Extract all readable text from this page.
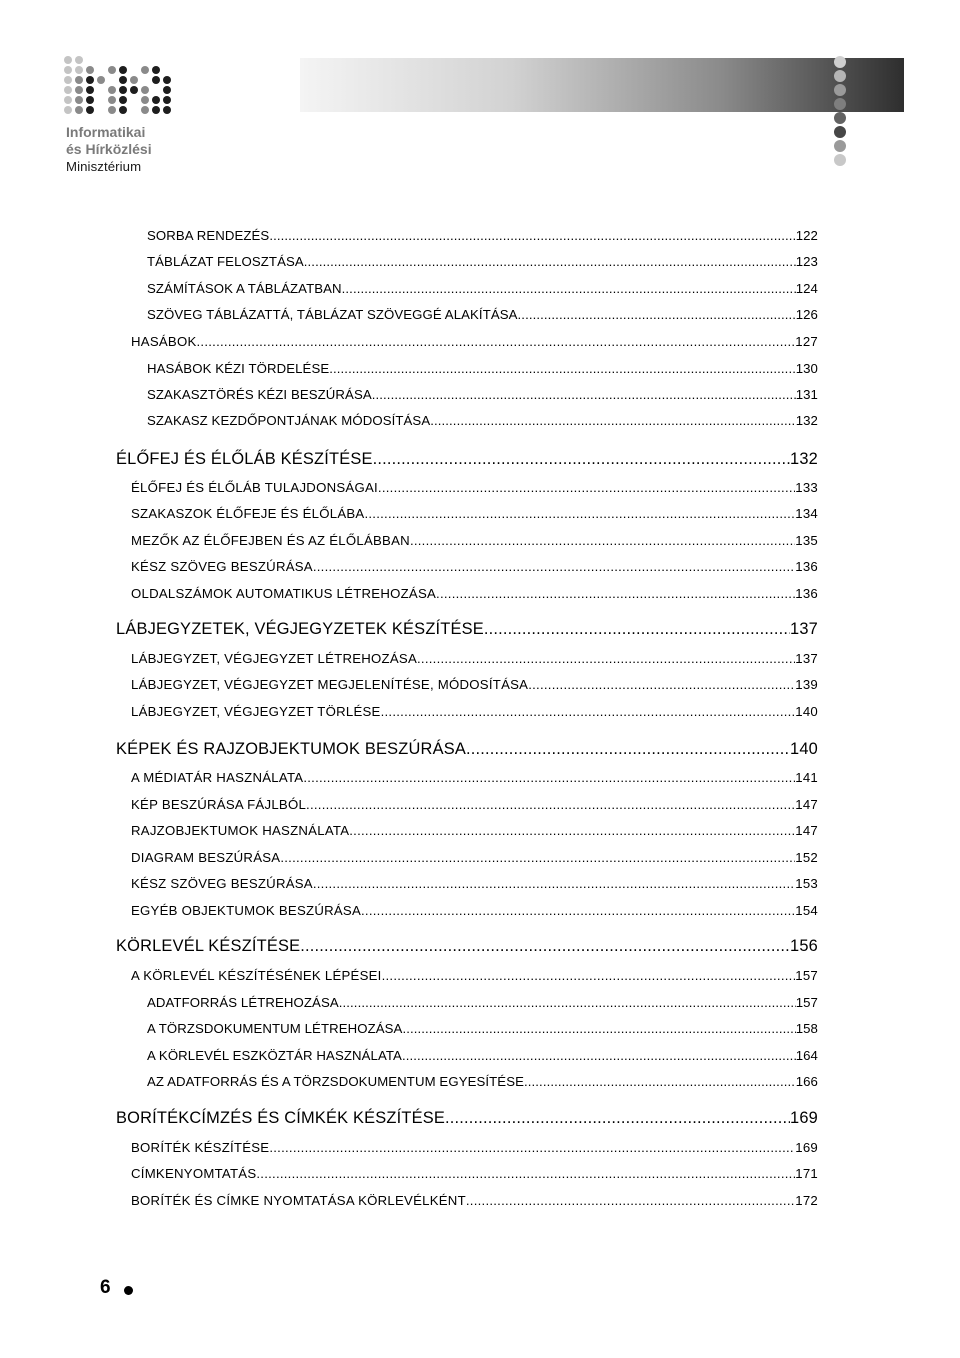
Informatikai
és Hírközlési
Minisztérium
SORBA RENDEZÉS .....	122
TÁBLÁZAT FELOSZTÁSA .....	123
SZÁMÍTÁSOK A TÁBLÁZATBAN .....	124
SZÖVEG TÁBLÁZATTÁ, TÁBLÁZAT SZÖVEGGÉ ALAKÍTÁSA .....	126
HASÁBOK .....	127
HASÁBOK KÉZI TÖRDELÉSE .....	130
SZAKASZTÖRÉS KÉZI BESZÚRÁSA .....	131
SZAKASZ KEZDŐPONTJÁNAK MÓDOSÍTÁSA .....	132
ÉLŐFEJ ÉS ÉLŐLÁB KÉSZÍTÉSE .....	132
ÉLŐFEJ ÉS ÉLŐLÁB TULAJDONSÁGAI .....	133
SZAKASZOK ÉLŐFEJE ÉS ÉLŐLÁBA .....	134
MEZŐK AZ ÉLŐFEJBEN ÉS AZ ÉLŐLÁBBAN .....	135
KÉSZ SZÖVEG BESZÚRÁSA .....	136
OLDALSZÁMOK AUTOMATIKUS LÉTREHOZÁSA .....	136
LÁBJEGYZETEK, VÉGJEGYZETEK KÉSZÍTÉSE .....	137
LÁBJEGYZET, VÉGJEGYZET LÉTREHOZÁSA .....	137
LÁBJEGYZET, VÉGJEGYZET MEGJELENÍTÉSE, MÓDOSÍTÁSA .....	139
LÁBJEGYZET, VÉGJEGYZET TÖRLÉSE .....	140
KÉPEK ÉS RAJZOBJEKTUMOK BESZÚRÁSA .....	140
A MÉDIATÁR HASZNÁLATA .....	141
KÉP BESZÚRÁSA FÁJLBÓL .....	147
RAJZOBJEKTUMOK HASZNÁLATA .....	147
DIAGRAM BESZÚRÁSA .....	152
KÉSZ SZÖVEG BESZÚRÁSA .....	153
EGYÉB OBJEKTUMOK BESZÚRÁSA .....	154
KÖRLEVÉL KÉSZÍTÉSE .....	156
A KÖRLEVÉL KÉSZÍTÉSÉNEK LÉPÉSEI .....	157
ADATFORRÁS LÉTREHOZÁSA .....	157
A TÖRZSDOKUMENTUM LÉTREHOZÁSA .....	158
A KÖRLEVÉL ESZKÖZTÁR HASZNÁLATA .....	164
AZ ADATFORRÁS ÉS A TÖRZSDOKUMENTUM EGYESÍTÉSE .....	166
BORÍTÉKCÍMZÉS ÉS CÍMKÉK KÉSZÍTÉSE .....	169
BORÍTÉK KÉSZÍTÉSE .....	169
CÍMKENYOMTATÁS .....	171
BORÍTÉK ÉS CÍMKE NYOMTATÁSA KÖRLEVÉLKÉNT .....	172
6
